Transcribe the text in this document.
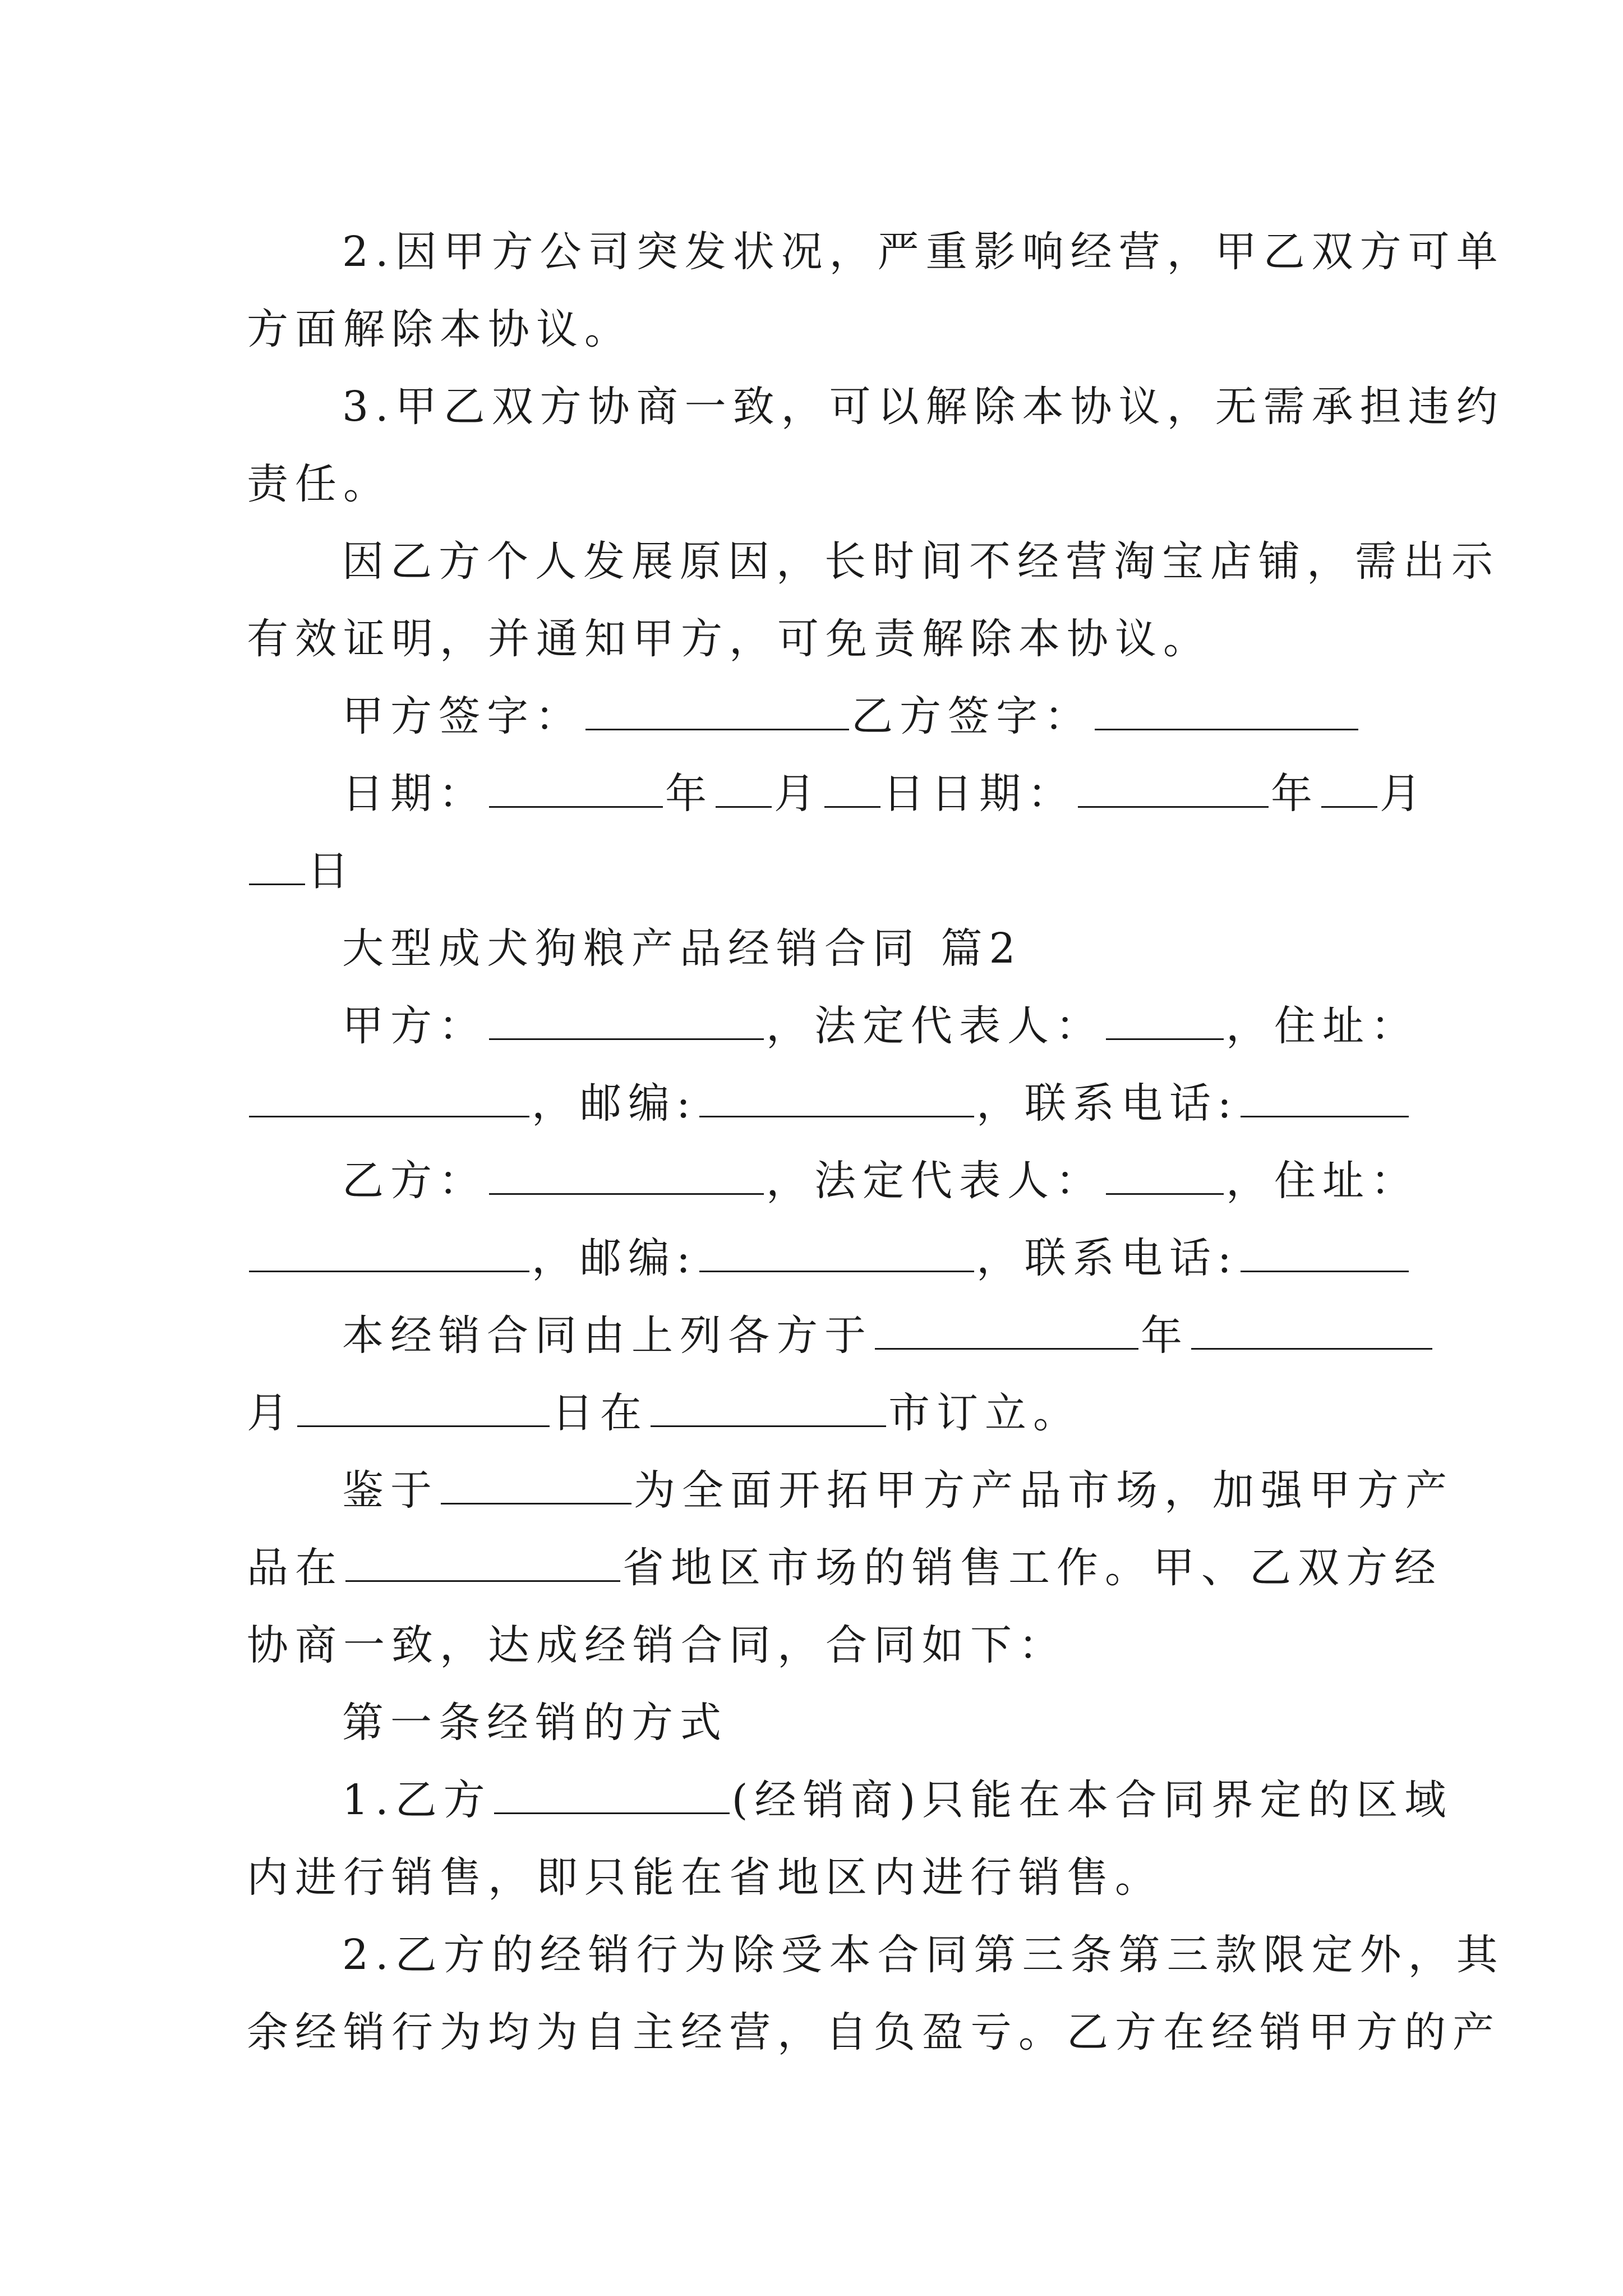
2.因甲方公司突发状况，严重影响经营，甲乙双方可单
方面解除本协议。
3.甲乙双方协商一致，可以解除本协议，无需承担违约
责任。
因乙方个人发展原因，长时间不经营淘宝店铺，需出示
有效证明，并通知甲方，可免责解除本协议。
甲方签字：	乙方签字：
日期：	年 月 日日期：	年 月
日
大型成犬狗粮产品经销合同 篇2
甲方：	，法定代表人：	，住址：
，邮编:	，联系电话:
乙方：	，法定代表人：	，住址：
，邮编:	，联系电话:
本经销合同由上列各方于	年
月	日在	市订立。
鉴于	为全面开拓甲方产品市场，加强甲方产
品在	省地区市场的销售工作。甲、乙双方经
协商一致，达成经销合同，合同如下：
第一条经销的方式
1.乙方	(经销商)只能在本合同界定的区域
内进行销售，即只能在省地区内进行销售。
2.乙方的经销行为除受本合同第三条第三款限定外，其
余经销行为均为自主经营，自负盈亏。乙方在经销甲方的产
